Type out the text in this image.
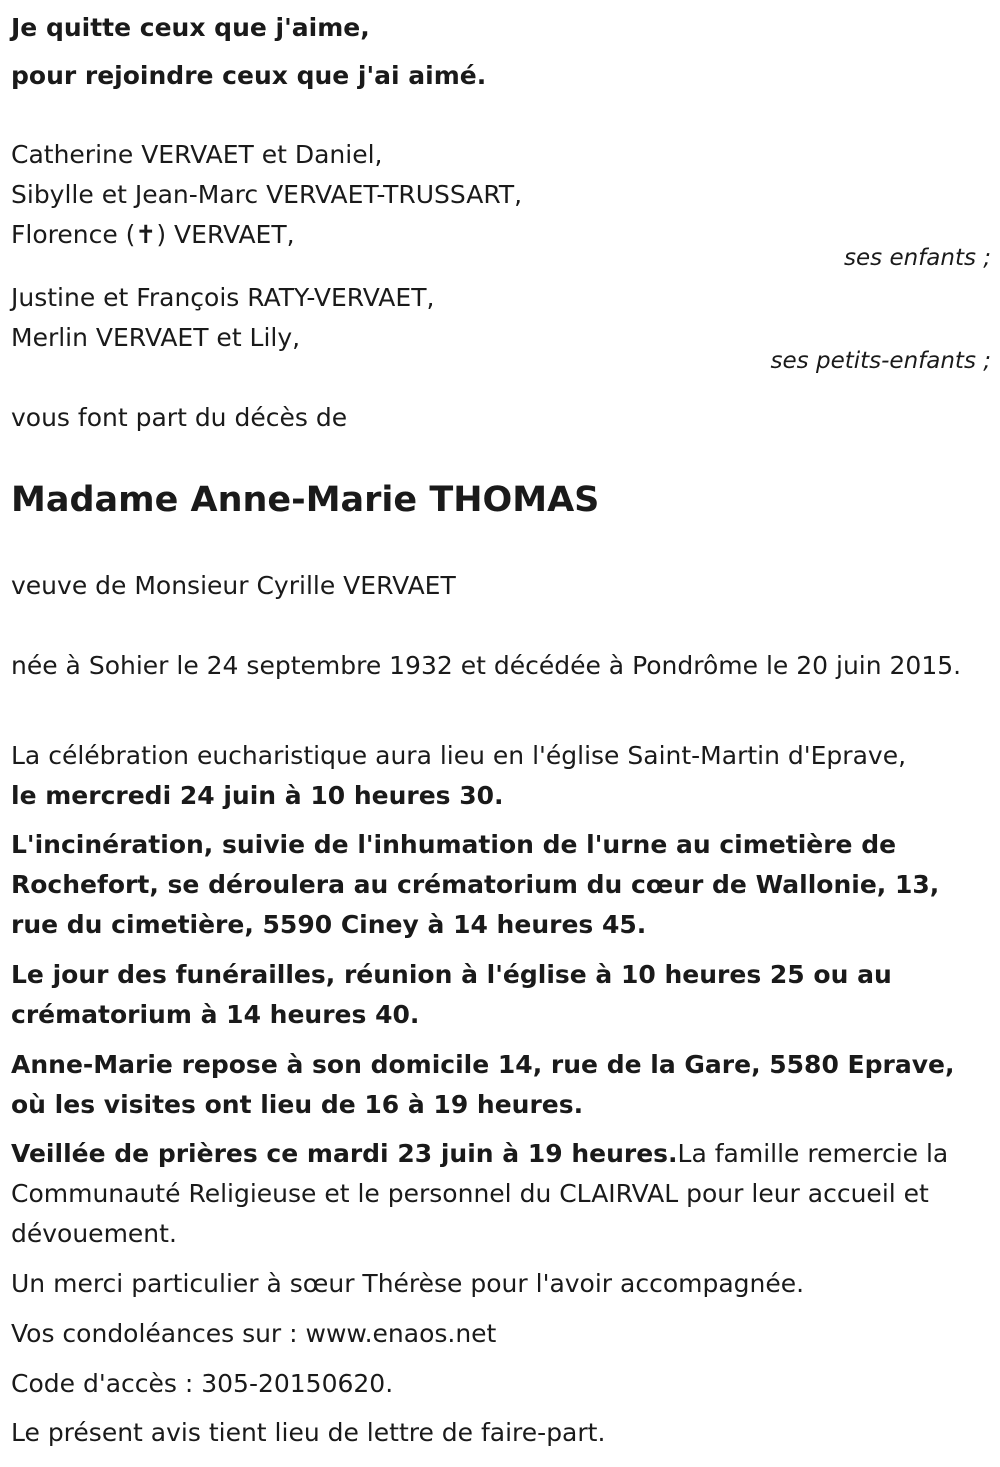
Je quitte ceux que j'aime,
pour rejoindre ceux que j'ai aimé.
Catherine VERVAET et Daniel,
Sibylle et Jean-Marc VERVAET-TRUSSART,
Florence (✝) VERVAET,
ses enfants ;
Justine et François RATY-VERVAET,
Merlin VERVAET et Lily,
ses petits-enfants ;
vous font part du décès de
Madame Anne-Marie THOMAS
veuve de Monsieur Cyrille VERVAET
née à Sohier le 24 septembre 1932 et décédée à Pondrôme le 20 juin 2015.
La célébration eucharistique aura lieu en l'église Saint-Martin d'Eprave,
le mercredi 24 juin à 10 heures 30.
L'incinération, suivie de l'inhumation de l'urne au cimetière de Rochefort, se déroulera au crématorium du cœur de Wallonie, 13, rue du cimetière, 5590 Ciney à 14 heures 45.
Le jour des funérailles, réunion à l'église à 10 heures 25 ou au crématorium à 14 heures 40.
Anne-Marie repose à son domicile 14, rue de la Gare, 5580 Eprave, où les visites ont lieu de 16 à 19 heures.
Veillée de prières ce mardi 23 juin à 19 heures.La famille remercie la Communauté Religieuse et le personnel du CLAIRVAL pour leur accueil et dévouement.
Un merci particulier à sœur Thérèse pour l'avoir accompagnée.
Vos condoléances sur : www.enaos.net
Code d'accès : 305-20150620.
Le présent avis tient lieu de lettre de faire-part.
